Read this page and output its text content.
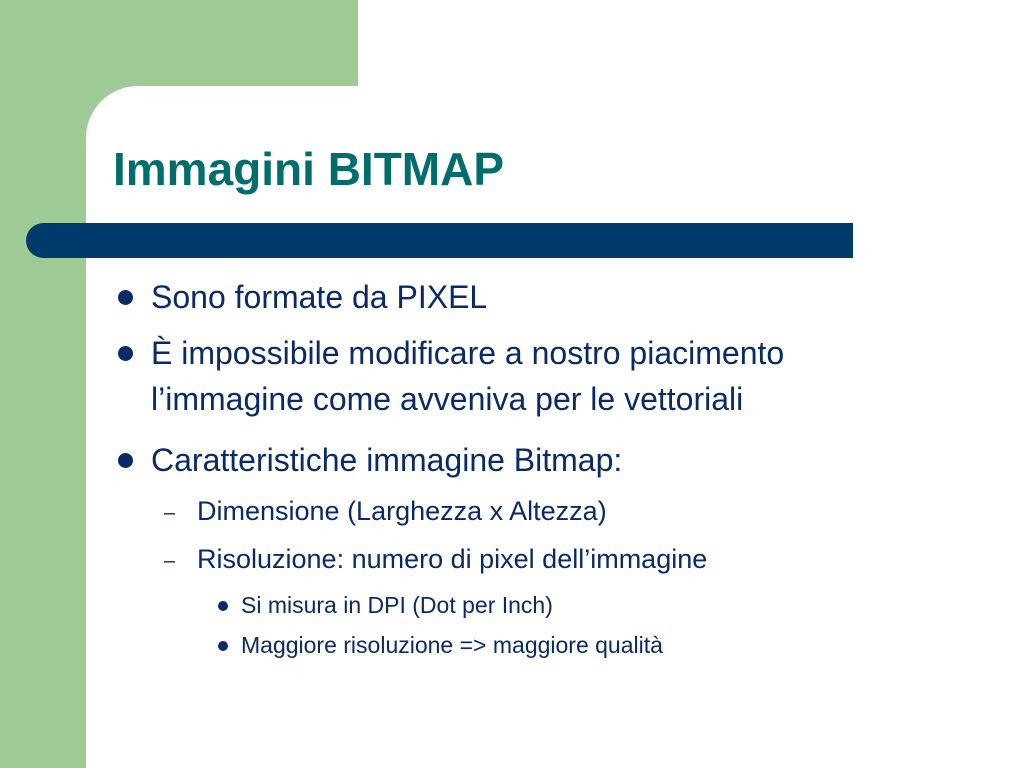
Immagini BITMAP
Sono formate da PIXEL
È impossibile modificare a nostro piacimento
l’immagine come avveniva per le vettoriali
Caratteristiche immagine Bitmap:
– Dimensione (Larghezza x Altezza)
– Risoluzione: numero di pixel dell’immagine
Si misura in DPI (Dot per Inch)
Maggiore risoluzione => maggiore qualità
